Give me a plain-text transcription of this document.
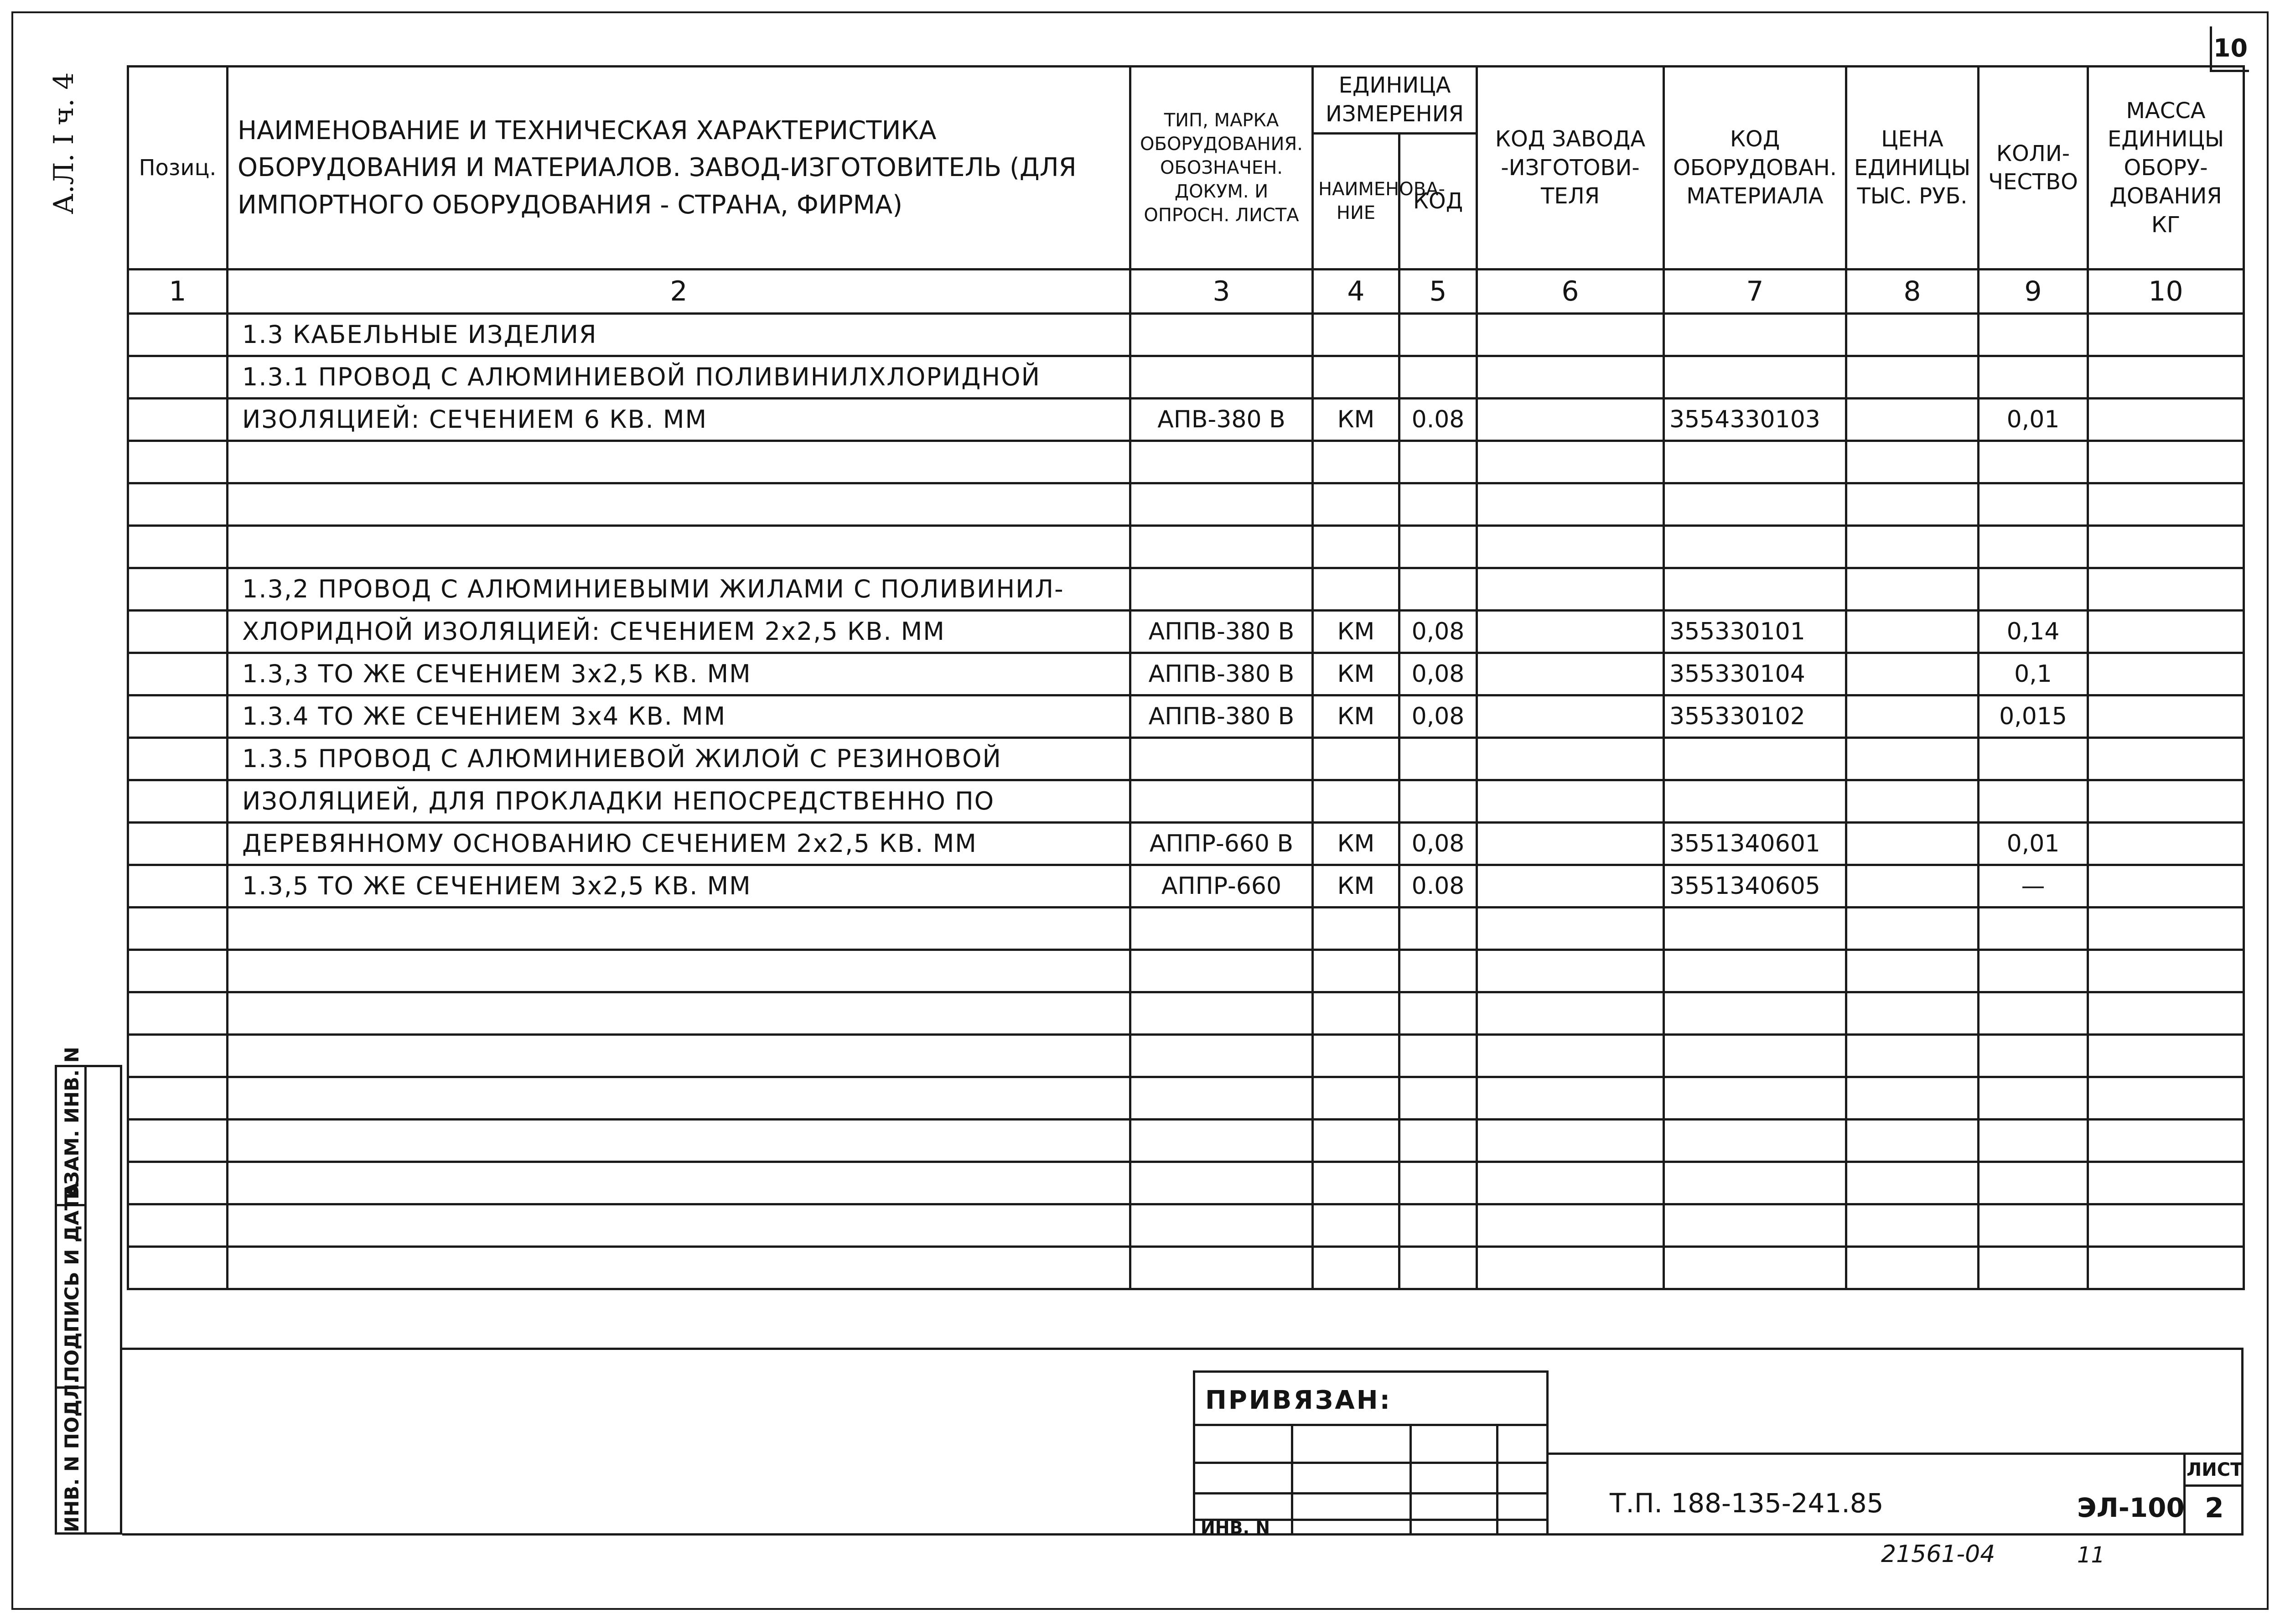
10
А.Л. I ч. 4	Позиц.	НАИМЕНОВАНИЕ И ТЕХНИЧЕСКАЯ ХАРАКТЕРИСТИКА ОБОРУДОВАНИЯ И МАТЕРИАЛОВ. ЗАВОД-ИЗГОТОВИТЕЛЬ (ДЛЯ ИМПОРТНОГО ОБОРУДОВАНИЯ - СТРАНА, ФИРМА)	ТИП, МАРКА ОБОРУДОВАНИЯ. ОБОЗНАЧЕН. ДОКУМ. И ОПРОСН. ЛИСТА	ЕДИНИЦА ИЗМЕРЕНИЯ		КОД ЗАВОДА -ИЗГОТОВИ- ТЕЛЯ	КОД ОБОРУДОВАН. МАТЕРИАЛА	ЦЕНА ЕДИНИЦЫ ТЫС. РУБ.	КОЛИ- ЧЕСТВО	МАССА ЕДИНИЦЫ ОБОРУ- ДОВАНИЯ КГ
			НАИМЕНОВА- НИЕ	КОД					
1	2	3	4	5	6	7	8	9	10
	1.3 КАБЕЛЬНЫЕ ИЗДЕЛИЯ								
	1.3.1 ПРОВОД С АЛЮМИНИЕВОЙ ПОЛИВИНИЛХЛОРИДНОЙ								
	ИЗОЛЯЦИЕЙ: СЕЧЕНИЕМ 6 КВ. ММ	АПВ-380 В	КМ	0.08		3554330103		0,01	

	1.3,2 ПРОВОД С АЛЮМИНИЕВЫМИ ЖИЛАМИ С ПОЛИВИНИЛ-								
	ХЛОРИДНОЙ ИЗОЛЯЦИЕЙ: СЕЧЕНИЕМ 2х2,5 КВ. ММ	АППВ-380 В	КМ	0,08		355330101		0,14	
	1.3,3 ТО ЖЕ СЕЧЕНИЕМ 3х2,5 КВ. ММ	АППВ-380 В	КМ	0,08		355330104		0,1	
	1.3.4 ТО ЖЕ СЕЧЕНИЕМ 3х4 КВ. ММ	АППВ-380 В	КМ	0,08		355330102		0,015	
	1.3.5 ПРОВОД С АЛЮМИНИЕВОЙ ЖИЛОЙ С РЕЗИНОВОЙ								
	ИЗОЛЯЦИЕЙ, ДЛЯ ПРОКЛАДКИ НЕПОСРЕДСТВЕННО ПО								
	ДЕРЕВЯННОМУ ОСНОВАНИЮ СЕЧЕНИЕМ 2х2,5 КВ. ММ	АППР-660 В	КМ	0,08		3551340601		0,01	
	1.3,5 ТО ЖЕ СЕЧЕНИЕМ 3х2,5 КВ. ММ	АППР-660	КМ	0.08		3551340605		—	

ИНВ. N ПОДЛ.
ПОДПИСЬ И ДАТА
ВЗАМ. ИНВ. N
ПРИВЯЗАН:
ИНВ. N
Т.П. 188-135-241.85	ЭЛ-100
ЛИСТ
2
21561-04	11
